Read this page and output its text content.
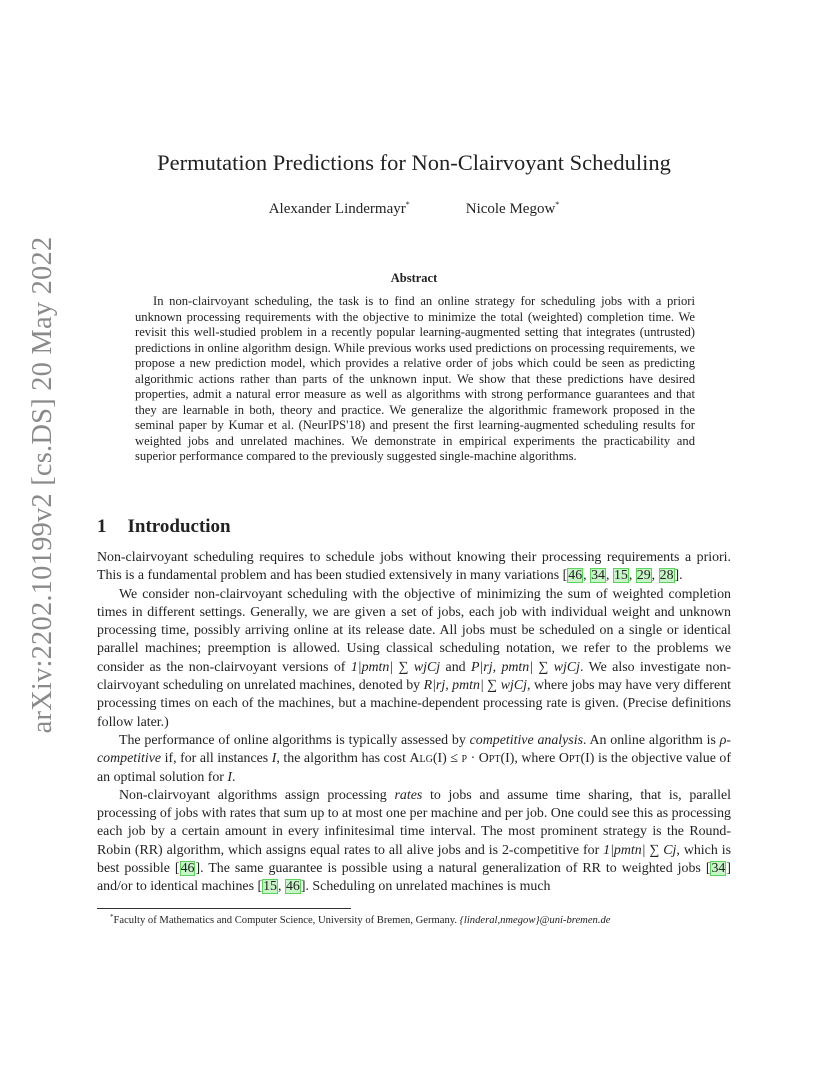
arXiv:2202.10199v2 [cs.DS] 20 May 2022
Permutation Predictions for Non-Clairvoyant Scheduling
Alexander Lindermayr*	Nicole Megow*
Abstract

In non-clairvoyant scheduling, the task is to find an online strategy for scheduling jobs with a priori unknown processing requirements with the objective to minimize the total (weighted) completion time. We revisit this well-studied problem in a recently popular learning-augmented setting that integrates (untrusted) predictions in online algorithm design. While previous works used predictions on processing requirements, we propose a new prediction model, which provides a relative order of jobs which could be seen as predicting algorithmic actions rather than parts of the unknown input. We show that these predictions have desired properties, admit a natural error measure as well as algorithms with strong performance guarantees and that they are learnable in both, theory and practice. We generalize the algorithmic framework proposed in the seminal paper by Kumar et al. (NeurIPS'18) and present the first learning-augmented scheduling results for weighted jobs and unrelated machines. We demonstrate in empirical experiments the practicability and superior performance compared to the previously suggested single-machine algorithms.

1 Introduction

Non-clairvoyant scheduling requires to schedule jobs without knowing their processing requirements a priori. This is a fundamental problem and has been studied extensively in many variations [46, 34, 15, 29, 28].

We consider non-clairvoyant scheduling with the objective of minimizing the sum of weighted completion times in different settings. Generally, we are given a set of jobs, each job with individual weight and unknown processing time, possibly arriving online at its release date. All jobs must be scheduled on a single or identical parallel machines; preemption is allowed. Using classical scheduling notation, we refer to the problems we consider as the non-clairvoyant versions of 1|pmtn| ∑ wjCj and P|rj, pmtn| ∑ wjCj. We also investigate non-clairvoyant scheduling on unrelated machines, denoted by R|rj, pmtn| ∑ wjCj, where jobs may have very different processing times on each of the machines, but a machine-dependent processing rate is given. (Precise definitions follow later.)

The performance of online algorithms is typically assessed by competitive analysis. An online algorithm is ρ-competitive if, for all instances I, the algorithm has cost Alg(I) ≤ ρ · Opt(I), where Opt(I) is the objective value of an optimal solution for I.

Non-clairvoyant algorithms assign processing rates to jobs and assume time sharing, that is, parallel processing of jobs with rates that sum up to at most one per machine and per job. One could see this as processing each job by a certain amount in every infinitesimal time interval. The most prominent strategy is the Round-Robin (RR) algorithm, which assigns equal rates to all alive jobs and is 2-competitive for 1|pmtn| ∑ Cj, which is best possible [46]. The same guarantee is possible using a natural generalization of RR to weighted jobs [34] and/or to identical machines [15, 46]. Scheduling on unrelated machines is much

*Faculty of Mathematics and Computer Science, University of Bremen, Germany. {linderal,nmegow}@uni-bremen.de
